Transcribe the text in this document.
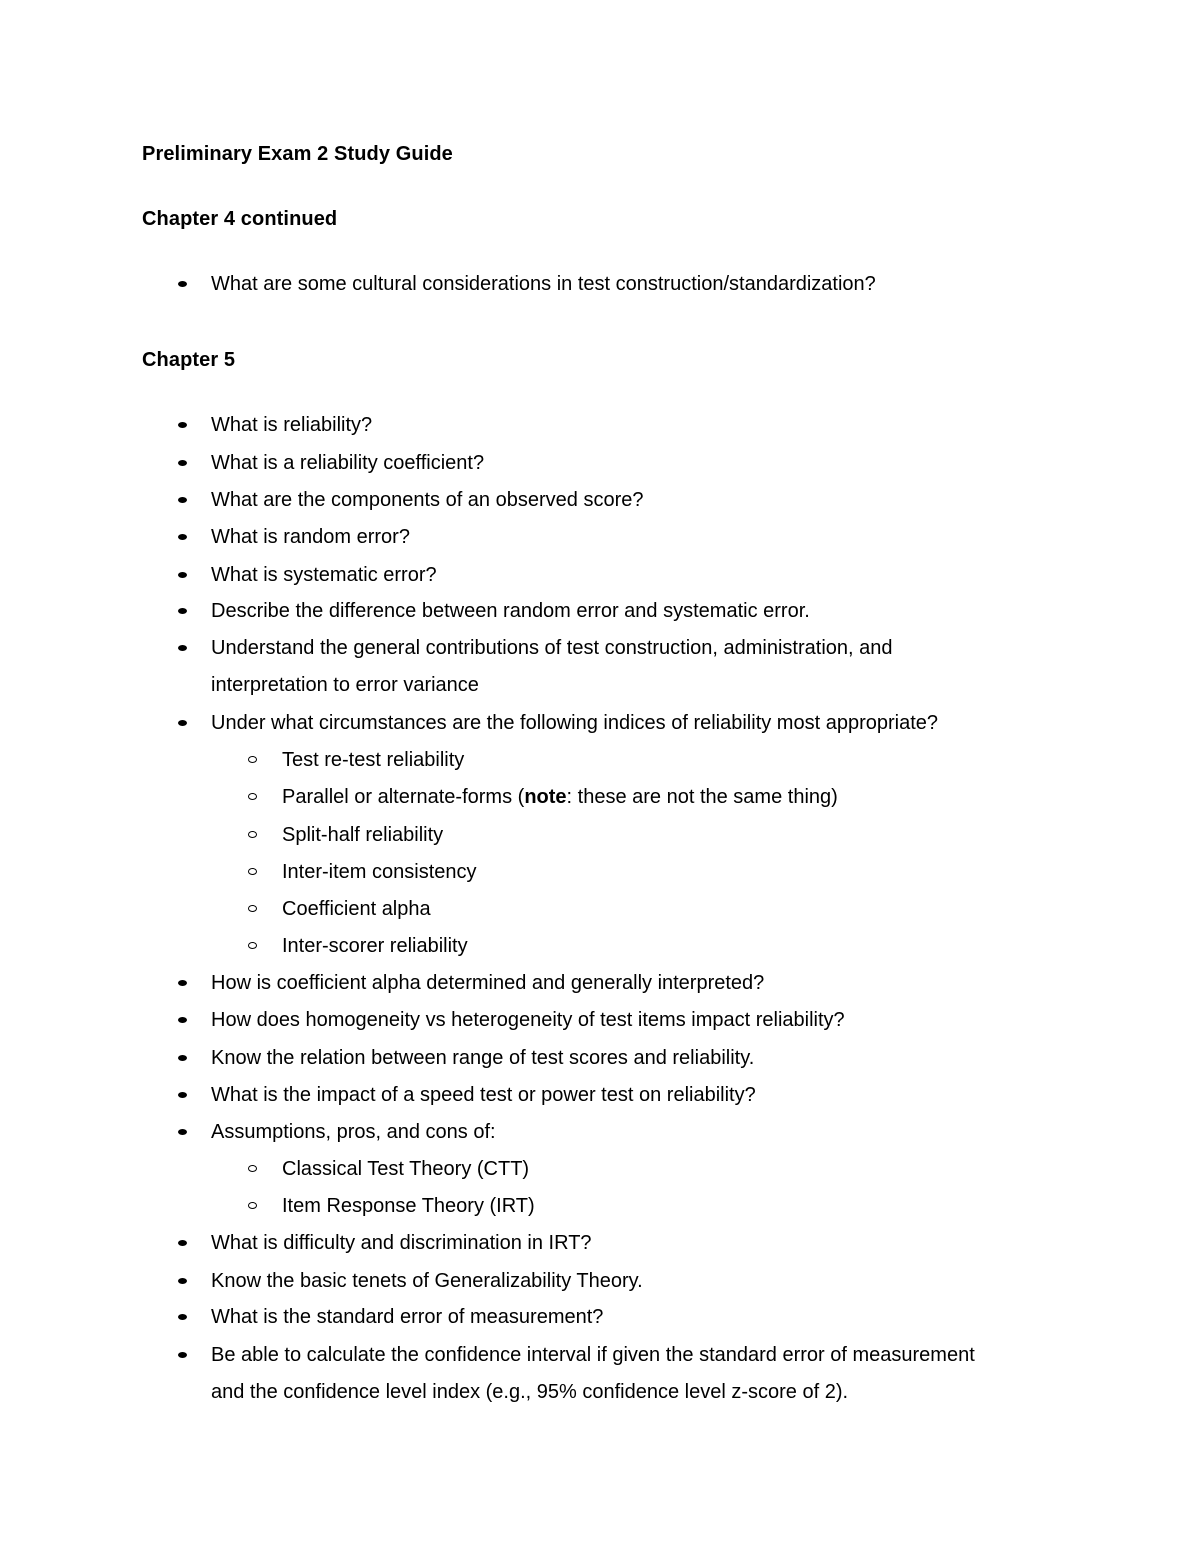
Preliminary Exam 2 Study Guide
Chapter 4 continued
What are some cultural considerations in test construction/standardization?
Chapter 5
What is reliability?
What is a reliability coefficient?
What are the components of an observed score?
What is random error?
What is systematic error?
Describe the difference between random error and systematic error.
Understand the general contributions of test construction, administration, and
interpretation to error variance
Under what circumstances are the following indices of reliability most appropriate?
Test re-test reliability
Parallel or alternate-forms (note: these are not the same thing)
Split-half reliability
Inter-item consistency
Coefficient alpha
Inter-scorer reliability
How is coefficient alpha determined and generally interpreted?
How does homogeneity vs heterogeneity of test items impact reliability?
Know the relation between range of test scores and reliability.
What is the impact of a speed test or power test on reliability?
Assumptions, pros, and cons of:
Classical Test Theory (CTT)
Item Response Theory (IRT)
What is difficulty and discrimination in IRT?
Know the basic tenets of Generalizability Theory.
What is the standard error of measurement?
Be able to calculate the confidence interval if given the standard error of measurement
and the confidence level index (e.g., 95% confidence level z-score of 2).
